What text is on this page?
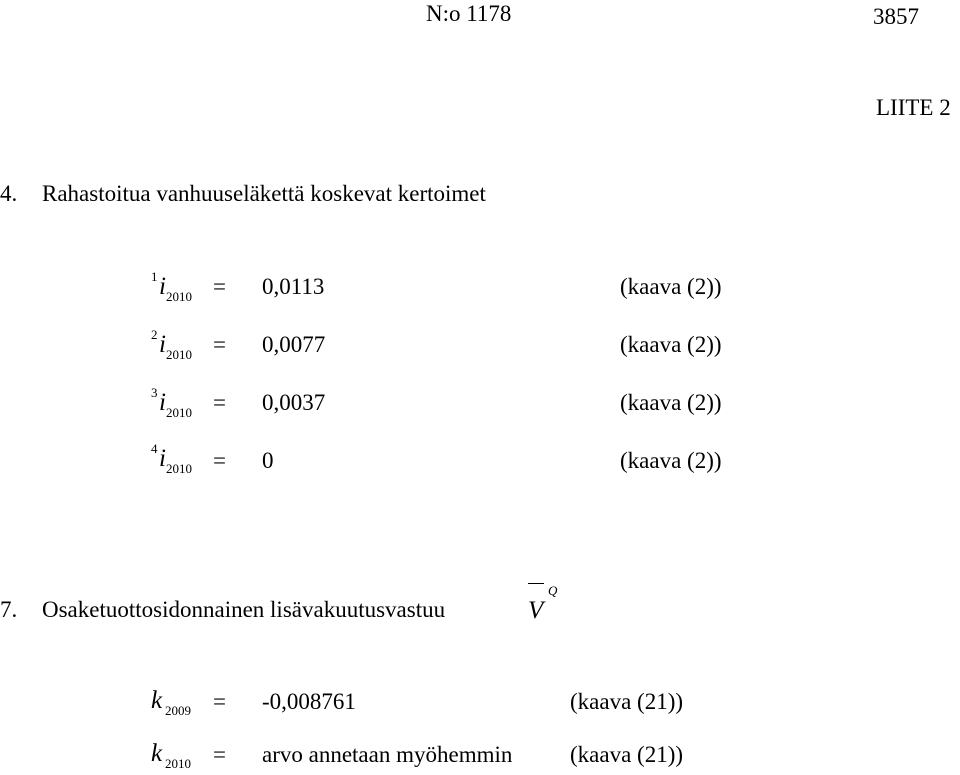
N:o 1178	3857
LIITE 2
4. Rahastoitua vanhuuseläkettä koskevat kertoimet
1 i 2010 = 0,0113	(kaava (2))
2 i 2010 = 0,0077	(kaava (2))
3 i 2010 = 0,0037	(kaava (2))
4 i 2010 = 0	(kaava (2))
7. Osaketuottosidonnainen lisävakuutusvastuu	V
Q
k 2009 = -0,008761	(kaava (21))
k 2010 = arvo annetaan myöhemmin	(kaava (21))
